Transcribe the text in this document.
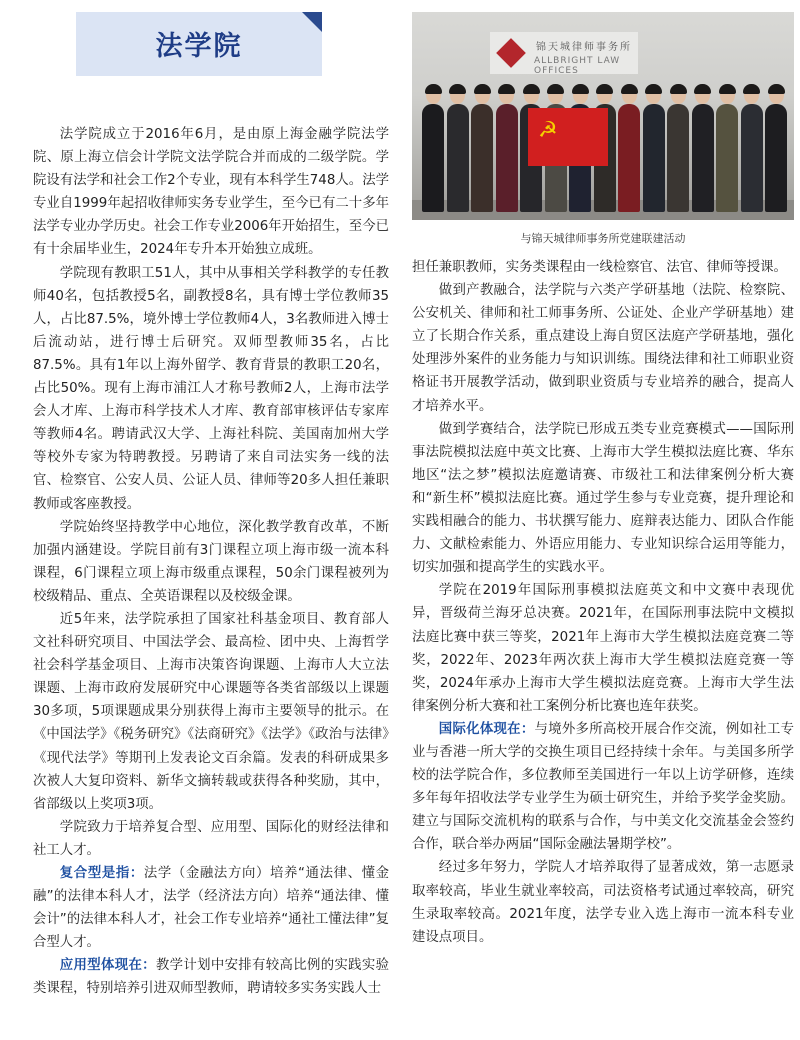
法学院

法学院成立于2016年6月，是由原上海金融学院法学院、原上海立信会计学院文法学院合并而成的二级学院。学院设有法学和社会工作2个专业，现有本科学生748人。法学专业自1999年起招收律师实务专业学生，至今已有二十多年法学专业办学历史。社会工作专业2006年开始招生，至今已有十余届毕业生，2024年专升本开始独立成班。

学院现有教职工51人，其中从事相关学科教学的专任教师40名，包括教授5名，副教授8名，具有博士学位教师35人，占比87.5%，境外博士学位教师4人，3名教师进入博士后流动站，进行博士后研究。双师型教师35名，占比87.5%。具有1年以上海外留学、教育背景的教职工20名，占比50%。现有上海市浦江人才称号教师2人，上海市法学会人才库、上海市科学技术人才库、教育部审核评估专家库等教师4名。聘请武汉大学、上海社科院、美国南加州大学等校外专家为特聘教授。另聘请了来自司法实务一线的法官、检察官、公安人员、公证人员、律师等20多人担任兼职教师或客座教授。

学院始终坚持教学中心地位，深化教学教育改革，不断加强内涵建设。学院目前有3门课程立项上海市级一流本科课程，6门课程立项上海市级重点课程，50余门课程被列为校级精品、重点、全英语课程以及校级金课。

近5年来，法学院承担了国家社科基金项目、教育部人文社科研究项目、中国法学会、最高检、团中央、上海哲学社会科学基金项目、上海市决策咨询课题、上海市人大立法课题、上海市政府发展研究中心课题等各类省部级以上课题30多项，5项课题成果分别获得上海市主要领导的批示。在《中国法学》《税务研究》《法商研究》《法学》《政治与法律》《现代法学》等期刊上发表论文百余篇。发表的科研成果多次被人大复印资料、新华文摘转载或获得各种奖励，其中，省部级以上奖项3项。

学院致力于培养复合型、应用型、国际化的财经法律和社工人才。

复合型是指：法学（金融法方向）培养“通法律、懂金融”的法律本科人才，法学（经济法方向）培养“通法律、懂会计”的法律本科人才，社会工作专业培养“通社工懂法律”复合型人才。

应用型体现在：教学计划中安排有较高比例的实践实验类课程，特别培养引进双师型教师，聘请较多实务实践人士

锦天城律师事务所
ALLBRIGHT LAW OFFICES
☭
与锦天城律师事务所党建联建活动

担任兼职教师，实务类课程由一线检察官、法官、律师等授课。

做到产教融合，法学院与六类产学研基地（法院、检察院、公安机关、律师和社工师事务所、公证处、企业产学研基地）建立了长期合作关系，重点建设上海自贸区法庭产学研基地，强化处理涉外案件的业务能力与知识训练。围绕法律和社工师职业资格证书开展教学活动，做到职业资质与专业培养的融合，提高人才培养水平。

做到学赛结合，法学院已形成五类专业竞赛模式——国际刑事法院模拟法庭中英文比赛、上海市大学生模拟法庭比赛、华东地区“法之梦”模拟法庭邀请赛、市级社工和法律案例分析大赛和“新生杯”模拟法庭比赛。通过学生参与专业竞赛，提升理论和实践相融合的能力、书状撰写能力、庭辩表达能力、团队合作能力、文献检索能力、外语应用能力、专业知识综合运用等能力，切实加强和提高学生的实践水平。

学院在2019年国际刑事模拟法庭英文和中文赛中表现优异，晋级荷兰海牙总决赛。2021年，在国际刑事法院中文模拟法庭比赛中获三等奖，2021年上海市大学生模拟法庭竞赛二等奖，2022年、2023年两次获上海市大学生模拟法庭竞赛一等奖，2024年承办上海市大学生模拟法庭竞赛。上海市大学生法律案例分析大赛和社工案例分析比赛也连年获奖。

国际化体现在：与境外多所高校开展合作交流，例如社工专业与香港一所大学的交换生项目已经持续十余年。与美国多所学校的法学院合作，多位教师至美国进行一年以上访学研修，连续多年每年招收法学专业学生为硕士研究生，并给予奖学金奖励。建立与国际交流机构的联系与合作，与中美文化交流基金会签约合作，联合举办两届“国际金融法暑期学校”。

经过多年努力，学院人才培养取得了显著成效，第一志愿录取率较高，毕业生就业率较高，司法资格考试通过率较高，研究生录取率较高。2021年度，法学专业入选上海市一流本科专业建设点项目。
